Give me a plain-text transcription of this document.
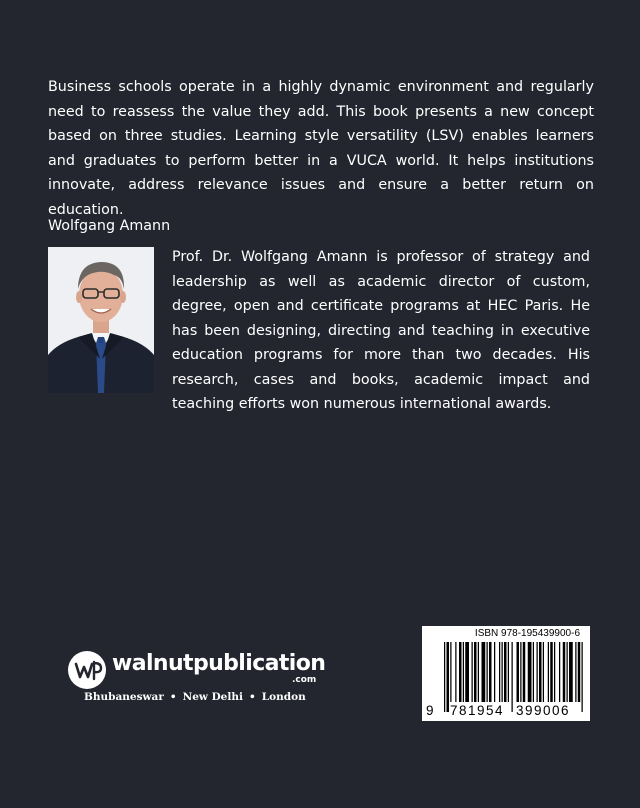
Business schools operate in a highly dynamic environment and regularly need to reassess the value they add. This book presents a new concept based on three studies. Learning style versatility (LSV) enables learners and graduates to perform better in a VUCA world. It helps institutions innovate, address relevance issues and ensure a better return on education.

Wolfgang Amann

Prof. Dr. Wolfgang Amann is professor of strategy and leadership as well as academic director of custom, degree, open and certificate programs at HEC Paris. He has been designing, directing and teaching in executive education programs for more than two decades. His research, cases and books, academic impact and teaching efforts won numerous international awards.

walnutpublication
.com
Bhubaneswar • New Delhi • London
ISBN 978-195439900-6
9 781954 399006
